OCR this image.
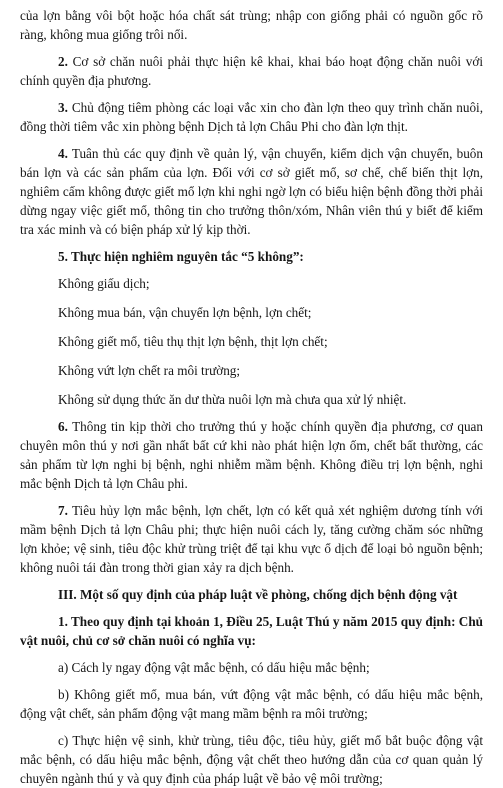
của lợn bằng vôi bột hoặc hóa chất sát trùng; nhập con giống phải có nguồn gốc rõ ràng, không mua giống trôi nổi.

2. Cơ sở chăn nuôi phải thực hiện kê khai, khai báo hoạt động chăn nuôi với chính quyền địa phương.

3. Chủ động tiêm phòng các loại vắc xin cho đàn lợn theo quy trình chăn nuôi, đồng thời tiêm vắc xin phòng bệnh Dịch tả lợn Châu Phi cho đàn lợn thịt.

4. Tuân thủ các quy định về quản lý, vận chuyển, kiểm dịch vận chuyển, buôn bán lợn và các sản phẩm của lợn. Đối với cơ sở giết mổ, sơ chế, chế biến thịt lợn, nghiêm cấm không được giết mổ lợn khi nghi ngờ lợn có biểu hiện bệnh đồng thời phải dừng ngay việc giết mổ, thông tin cho trưởng thôn/xóm, Nhân viên thú y biết để kiểm tra xác minh và có biện pháp xử lý kịp thời.

5. Thực hiện nghiêm nguyên tắc “5 không”:

Không giấu dịch;

Không mua bán, vận chuyển lợn bệnh, lợn chết;

Không giết mổ, tiêu thụ thịt lợn bệnh, thịt lợn chết;

Không vứt lợn chết ra môi trường;

Không sử dụng thức ăn dư thừa nuôi lợn mà chưa qua xử lý nhiệt.

6. Thông tin kịp thời cho trưởng thú y hoặc chính quyền địa phương, cơ quan chuyên môn thú y nơi gần nhất bất cứ khi nào phát hiện lợn ốm, chết bất thường, các sản phẩm từ lợn nghi bị bệnh, nghi nhiễm mầm bệnh. Không điều trị lợn bệnh, nghi mắc bệnh Dịch tả lợn Châu phi.

7. Tiêu hủy lợn mắc bệnh, lợn chết, lợn có kết quả xét nghiệm dương tính với mầm bệnh Dịch tả lợn Châu phi; thực hiện nuôi cách ly, tăng cường chăm sóc những lợn khỏe; vệ sinh, tiêu độc khử trùng triệt để tại khu vực ổ dịch để loại bỏ nguồn bệnh; không nuôi tái đàn trong thời gian xảy ra dịch bệnh.

III. Một số quy định của pháp luật về phòng, chống dịch bệnh động vật

1. Theo quy định tại khoản 1, Điều 25, Luật Thú y năm 2015 quy định: Chủ vật nuôi, chủ cơ sở chăn nuôi có nghĩa vụ:

a) Cách ly ngay động vật mắc bệnh, có dấu hiệu mắc bệnh;

b) Không giết mổ, mua bán, vứt động vật mắc bệnh, có dấu hiệu mắc bệnh, động vật chết, sản phẩm động vật mang mầm bệnh ra môi trường;

c) Thực hiện vệ sinh, khử trùng, tiêu độc, tiêu hủy, giết mổ bắt buộc động vật mắc bệnh, có dấu hiệu mắc bệnh, động vật chết theo hướng dẫn của cơ quan quản lý chuyên ngành thú y và quy định của pháp luật về bảo vệ môi trường;
